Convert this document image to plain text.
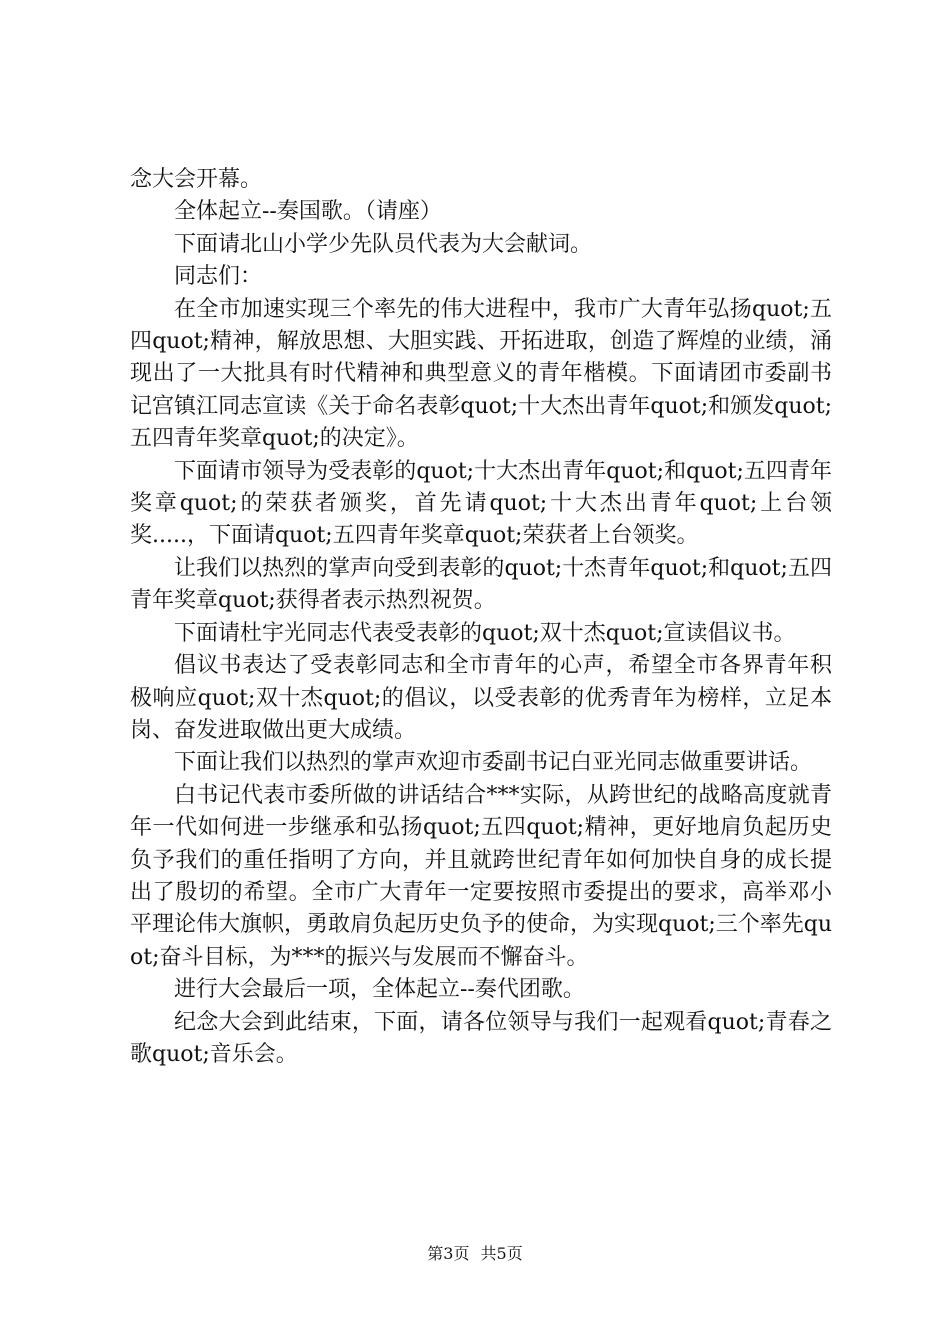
念大会开幕。

全体起立--奏国歌。（请座）

下面请北山小学少先队员代表为大会献词。

同志们：

在全市加速实现三个率先的伟大进程中，我市广大青年弘扬quot;五四quot;精神，解放思想、大胆实践、开拓进取，创造了辉煌的业绩，涌现出了一大批具有时代精神和典型意义的青年楷模。下面请团市委副书记宫镇江同志宣读《关于命名表彰quot;十大杰出青年quot;和颁发quot;五四青年奖章quot;的决定》。

下面请市领导为受表彰的quot;十大杰出青年quot;和quot;五四青年奖章quot;的荣获者颁奖，首先请quot;十大杰出青年quot;上台领奖.....，下面请quot;五四青年奖章quot;荣获者上台领奖。

让我们以热烈的掌声向受到表彰的quot;十杰青年quot;和quot;五四青年奖章quot;获得者表示热烈祝贺。

下面请杜宇光同志代表受表彰的quot;双十杰quot;宣读倡议书。

倡议书表达了受表彰同志和全市青年的心声，希望全市各界青年积极响应quot;双十杰quot;的倡议，以受表彰的优秀青年为榜样，立足本岗、奋发进取做出更大成绩。

下面让我们以热烈的掌声欢迎市委副书记白亚光同志做重要讲话。

白书记代表市委所做的讲话结合***实际，从跨世纪的战略高度就青年一代如何进一步继承和弘扬quot;五四quot;精神，更好地肩负起历史负予我们的重任指明了方向，并且就跨世纪青年如何加快自身的成长提出了殷切的希望。全市广大青年一定要按照市委提出的要求，高举邓小平理论伟大旗帜，勇敢肩负起历史负予的使命，为实现quot;三个率先quot;奋斗目标，为***的振兴与发展而不懈奋斗。

进行大会最后一项，全体起立--奏代团歌。

纪念大会到此结束，下面，请各位领导与我们一起观看quot;青春之歌quot;音乐会。

第3页 共5页
